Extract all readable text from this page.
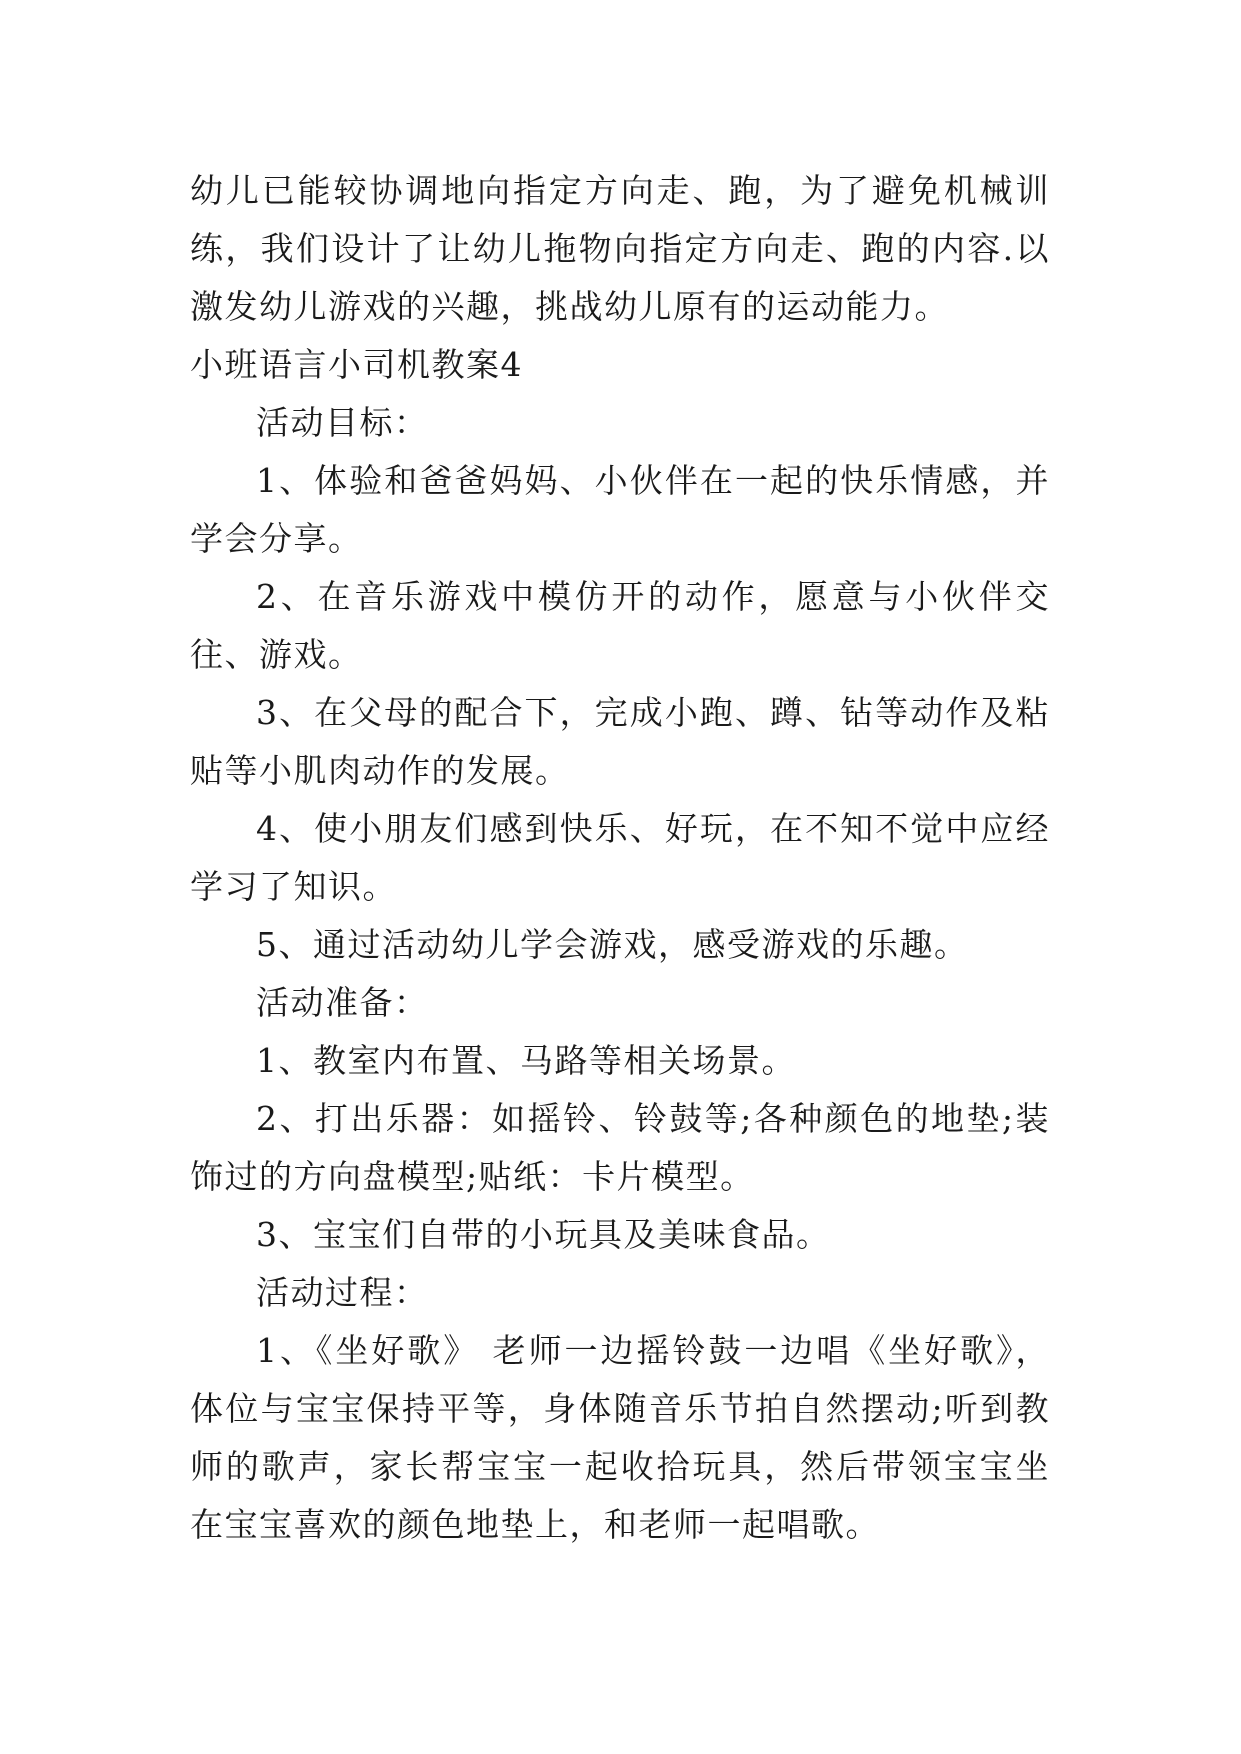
幼儿已能较协调地向指定方向走、跑，为了避免机械训练，我们设计了让幼儿拖物向指定方向走、跑的内容.以激发幼儿游戏的兴趣，挑战幼儿原有的运动能力。

小班语言小司机教案4

活动目标：

1、体验和爸爸妈妈、小伙伴在一起的快乐情感，并学会分享。

2、在音乐游戏中模仿开的动作，愿意与小伙伴交往、游戏。

3、在父母的配合下，完成小跑、蹲、钻等动作及粘贴等小肌肉动作的发展。

4、使小朋友们感到快乐、好玩，在不知不觉中应经学习了知识。

5、通过活动幼儿学会游戏，感受游戏的乐趣。

活动准备：

1、教室内布置、马路等相关场景。

2、打出乐器：如摇铃、铃鼓等;各种颜色的地垫;装饰过的方向盘模型;贴纸：卡片模型。

3、宝宝们自带的小玩具及美味食品。

活动过程：

1、《坐好歌》 老师一边摇铃鼓一边唱《坐好歌》，体位与宝宝保持平等，身体随音乐节拍自然摆动;听到教师的歌声，家长帮宝宝一起收拾玩具，然后带领宝宝坐在宝宝喜欢的颜色地垫上，和老师一起唱歌。
